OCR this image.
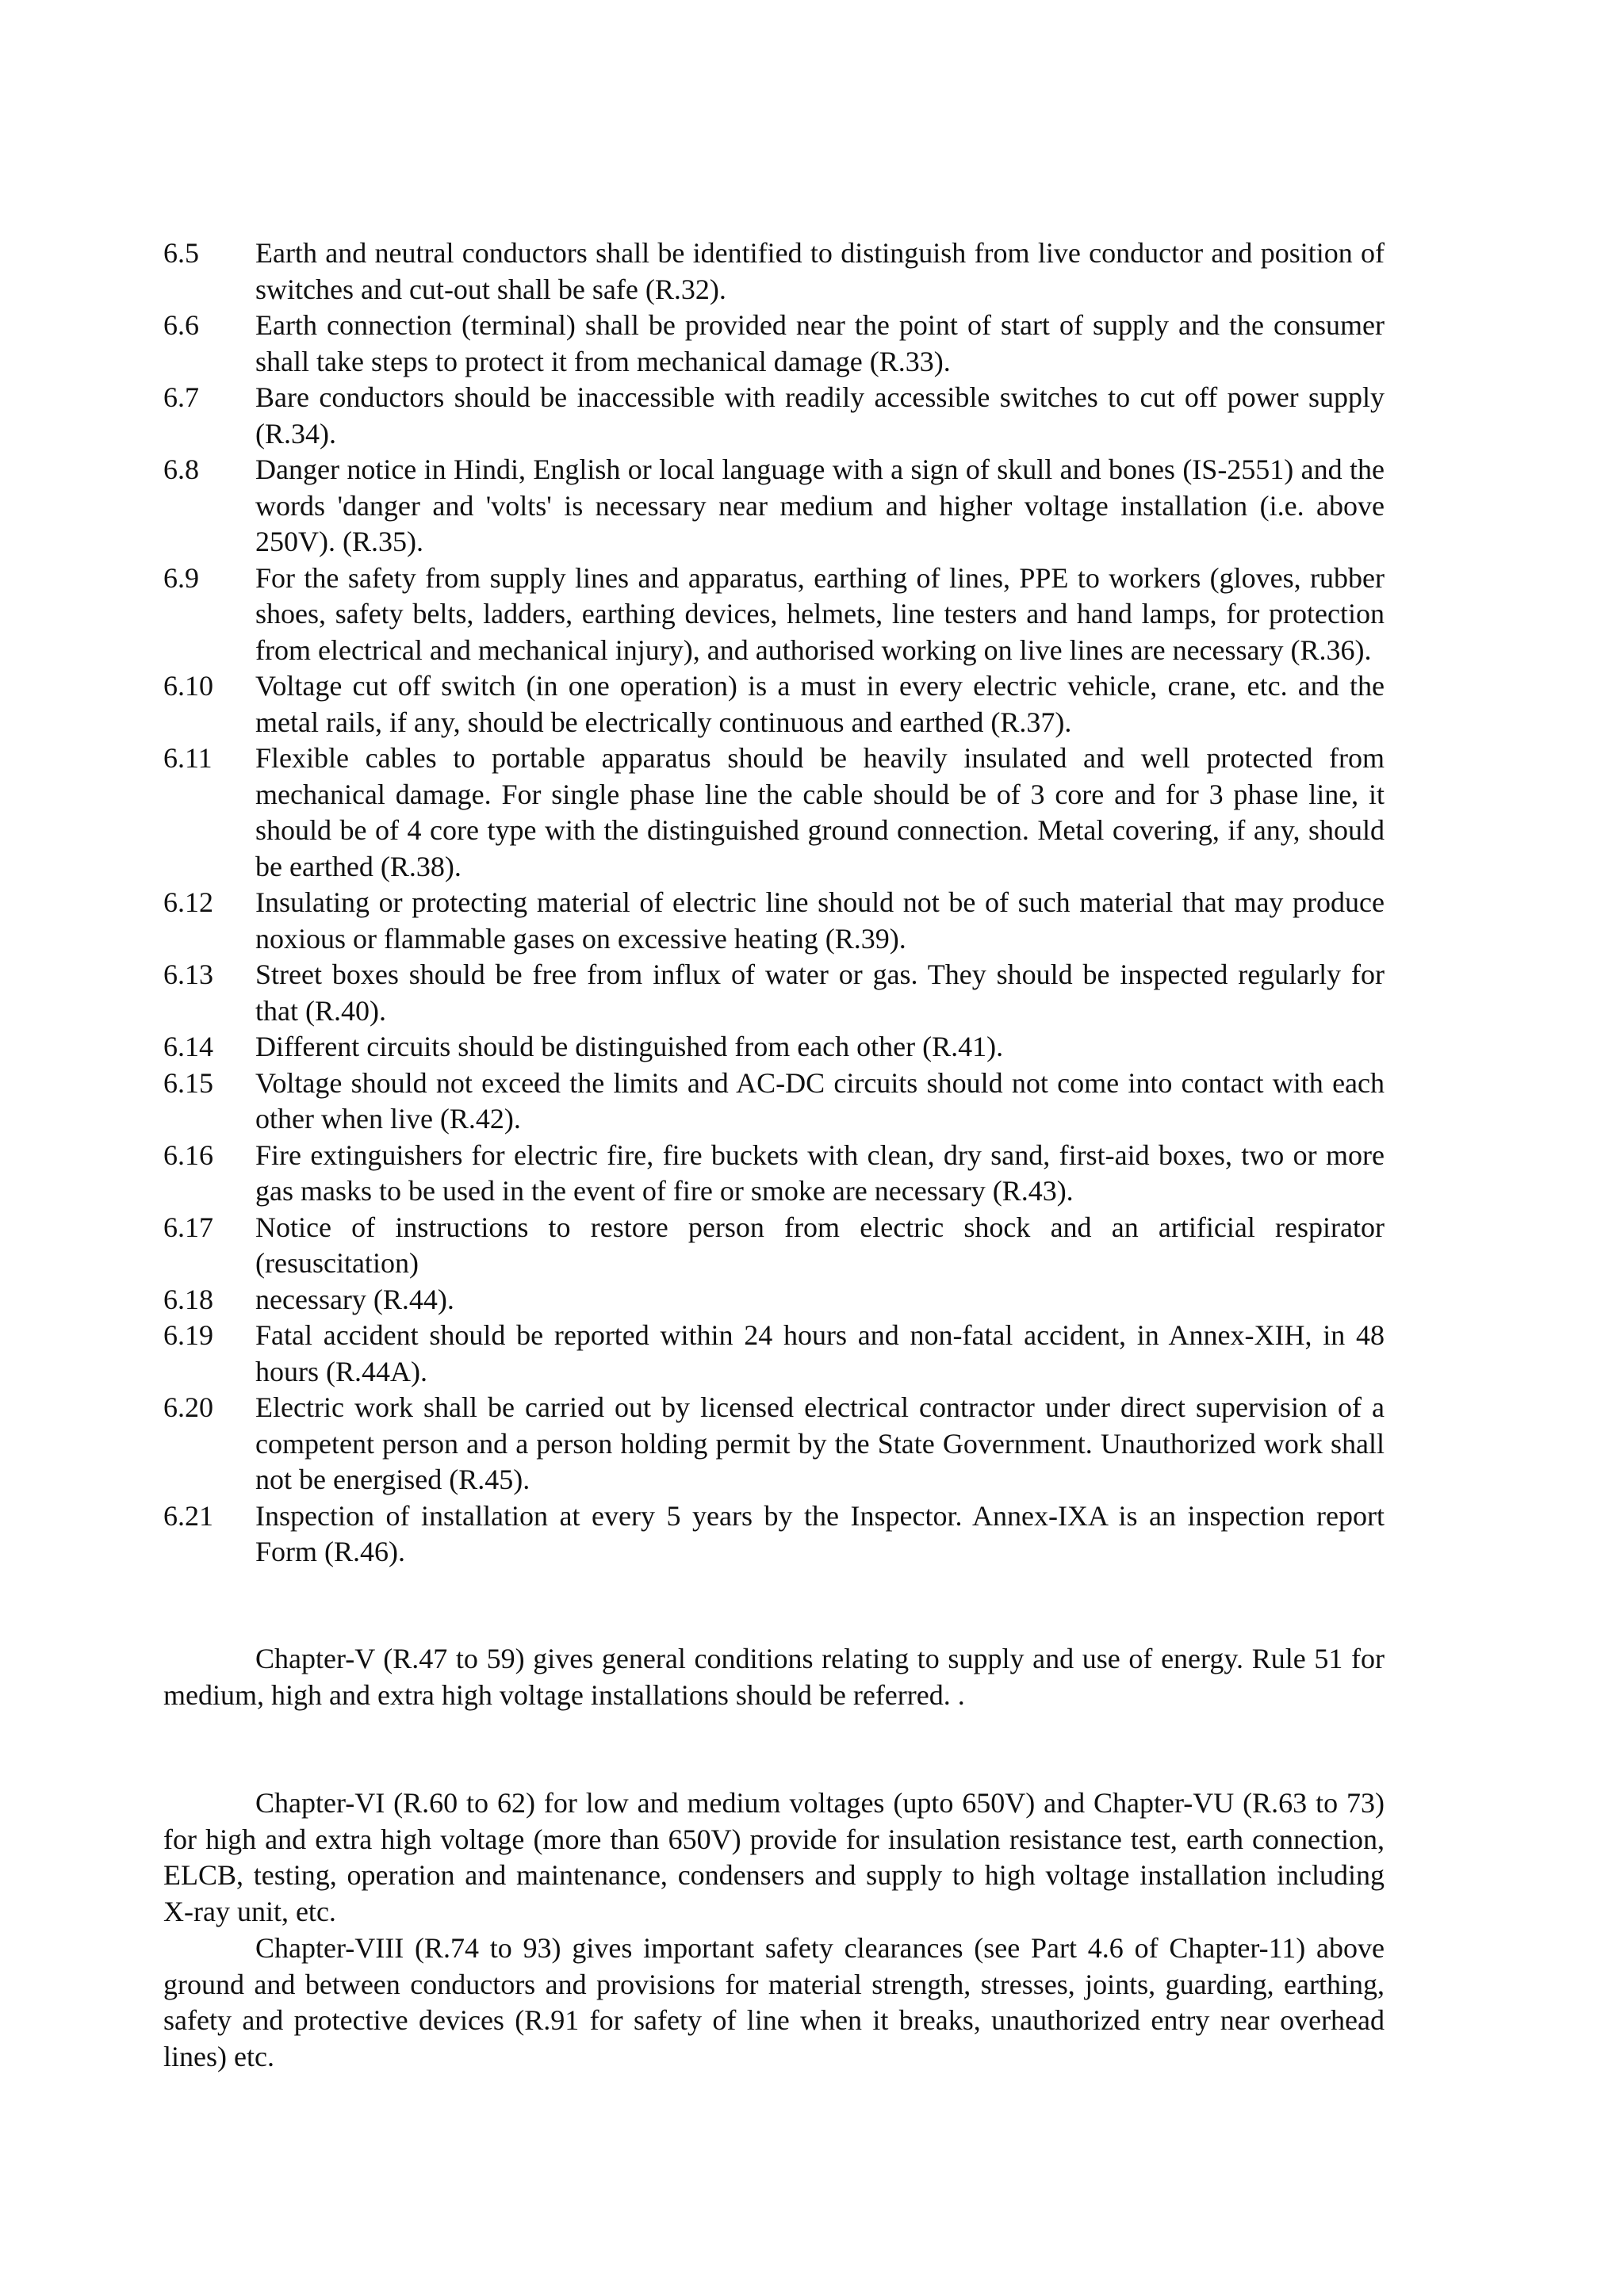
6.5	Earth and neutral conductors shall be identified to distinguish from live conductor and position of switches and cut-out shall be safe (R.32).
6.6	Earth connection (terminal) shall be provided near the point of start of supply and the consumer shall take steps to protect it from mechanical damage (R.33).
6.7	Bare conductors should be inaccessible with readily accessible switches to cut off power supply (R.34).
6.8	Danger notice in Hindi, English or local language with a sign of skull and bones (IS-2551) and the words 'danger and 'volts' is necessary near medium and higher voltage installation (i.e. above 250V). (R.35).
6.9	For the safety from supply lines and apparatus, earthing of lines, PPE to workers (gloves, rubber shoes, safety belts, ladders, earthing devices, helmets, line testers and hand lamps, for protection from electrical and mechanical injury), and authorised working on live lines are necessary (R.36).
6.10	Voltage cut off switch (in one operation) is a must in every electric vehicle, crane, etc. and the metal rails, if any, should be electrically continuous and earthed (R.37).
6.11	Flexible cables to portable apparatus should be heavily insulated and well protected from mechanical damage. For single phase line the cable should be of 3 core and for 3 phase line, it should be of 4 core type with the distinguished ground connection. Metal covering, if any, should be earthed (R.38).
6.12	Insulating or protecting material of electric line should not be of such material that may produce noxious or flammable gases on excessive heating (R.39).
6.13	Street boxes should be free from influx of water or gas. They should be inspected regularly for that (R.40).
6.14	Different circuits should be distinguished from each other (R.41).
6.15	Voltage should not exceed the limits and AC-DC circuits should not come into contact with each other when live (R.42).
6.16	Fire extinguishers for electric fire, fire buckets with clean, dry sand, first-aid boxes, two or more gas masks to be used in the event of fire or smoke are necessary (R.43).
6.17	Notice of instructions to restore person from electric shock and an artificial respirator (resuscitation)
6.18	necessary (R.44).
6.19	Fatal accident should be reported within 24 hours and non-fatal accident, in Annex-XIH, in 48 hours (R.44A).
6.20	Electric work shall be carried out by licensed electrical contractor under direct supervision of a competent person and a person holding permit by the State Government. Unauthorized work shall not be energised (R.45).
6.21	Inspection of installation at every 5 years by the Inspector. Annex-IXA is an inspection report Form (R.46).

Chapter-V (R.47 to 59) gives general conditions relating to supply and use of energy. Rule 51 for medium, high and extra high voltage installations should be referred. .

Chapter-VI (R.60 to 62) for low and medium voltages (upto 650V) and Chapter-VU (R.63 to 73) for high and extra high voltage (more than 650V) provide for insulation resistance test, earth connection, ELCB, testing, operation and maintenance, condensers and supply to high voltage installation including X-ray unit, etc.

Chapter-VIII (R.74 to 93) gives important safety clearances (see Part 4.6 of Chapter-11) above ground and between conductors and provisions for material strength, stresses, joints, guarding, earthing, safety and protective devices (R.91 for safety of line when it breaks, unauthorized entry near overhead lines) etc.
